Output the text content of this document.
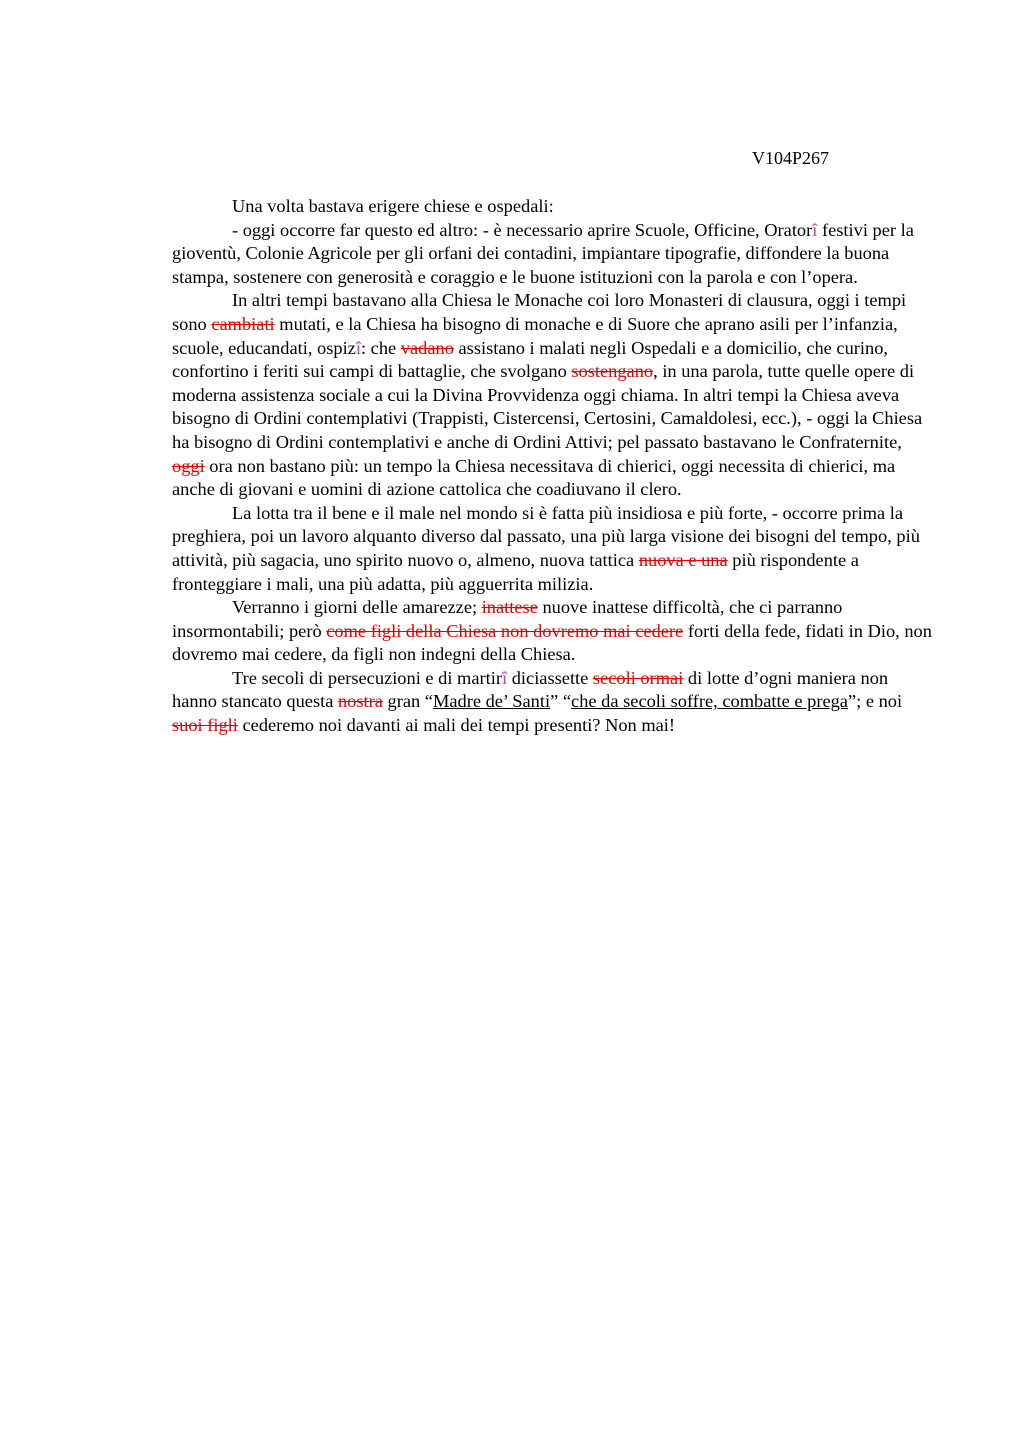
V104P267

Una volta bastava erigere chiese e ospedali:

- oggi occorre far questo ed altro: - è necessario aprire Scuole, Officine, Oratorî festivi per la gioventù, Colonie Agricole per gli orfani dei contadini, impiantare tipografie, diffondere la buona stampa, sostenere con generosità e coraggio e le buone istituzioni con la parola e con l’opera.

In altri tempi bastavano alla Chiesa le Monache coi loro Monasteri di clausura, oggi i tempi sono cambiati mutati, e la Chiesa ha bisogno di monache e di Suore che aprano asili per l’infanzia, scuole, educandati, ospizî: che vadano assistano i malati negli Ospedali e a domicilio, che curino, confortino i feriti sui campi di battaglie, che svolgano sostengano, in una parola, tutte quelle opere di moderna assistenza sociale a cui la Divina Provvidenza oggi chiama. In altri tempi la Chiesa aveva bisogno di Ordini contemplativi (Trappisti, Cistercensi, Certosini, Camaldolesi, ecc.), - oggi la Chiesa ha bisogno di Ordini contemplativi e anche di Ordini Attivi; pel passato bastavano le Confraternite, oggi ora non bastano più: un tempo la Chiesa necessitava di chierici, oggi necessita di chierici, ma anche di giovani e uomini di azione cattolica che coadiuvano il clero.

La lotta tra il bene e il male nel mondo si è fatta più insidiosa e più forte, - occorre prima la preghiera, poi un lavoro alquanto diverso dal passato, una più larga visione dei bisogni del tempo, più attività, più sagacia, uno spirito nuovo o, almeno, nuova tattica nuova e una più rispondente a fronteggiare i mali, una più adatta, più agguerrita milizia.

Verranno i giorni delle amarezze; inattese nuove inattese difficoltà, che ci parranno insormontabili; però come figli della Chiesa non dovremo mai cedere forti della fede, fidati in Dio, non dovremo mai cedere, da figli non indegni della Chiesa.

Tre secoli di persecuzioni e di martirî diciassette secoli ormai di lotte d’ogni maniera non hanno stancato questa nostra gran “Madre de’ Santi” “che da secoli soffre, combatte e prega”; e noi suoi figli cederemo noi davanti ai mali dei tempi presenti? Non mai!
